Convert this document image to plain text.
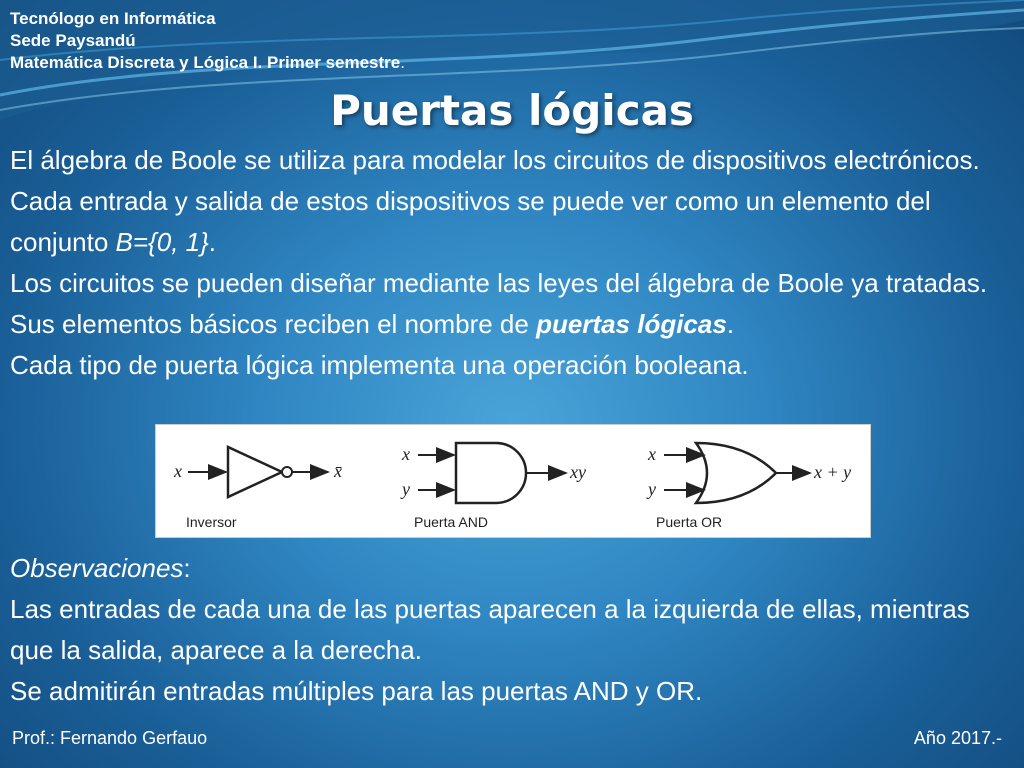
Tecnólogo en Informática
Sede Paysandú
Matemática Discreta y Lógica I. Primer semestre.
Puertas lógicas

El álgebra de Boole se utiliza para modelar los circuitos de dispositivos electrónicos. Cada entrada y salida de estos dispositivos se puede ver como un elemento del conjunto B={0, 1}.

Los circuitos se pueden diseñar mediante las leyes del álgebra de Boole ya tratadas. Sus elementos básicos reciben el nombre de puertas lógicas.

Cada tipo de puerta lógica implementa una operación booleana.

x	x̄
Inversor
x
y
xy
Puerta AND
x
y
x + y
Puerta OR

Observaciones:

Las entradas de cada una de las puertas aparecen a la izquierda de ellas, mientras que la salida, aparece a la derecha.

Se admitirán entradas múltiples para las puertas AND y OR.

Prof.: Fernando Gerfauo	Año 2017.-
